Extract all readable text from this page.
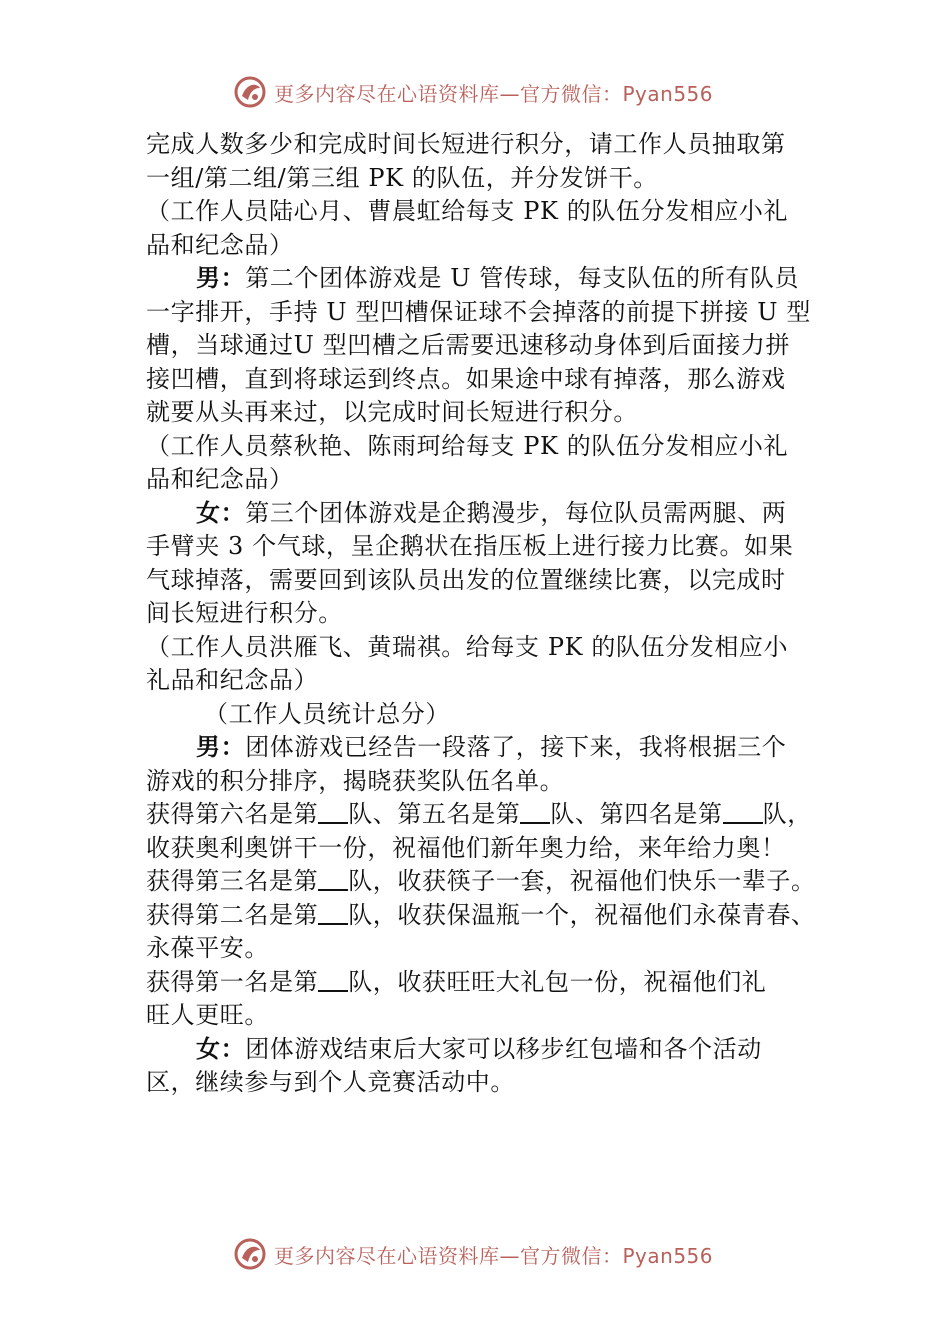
更多内容尽在心语资料库—官方微信：Pyan556
完成人数多少和完成时间长短进行积分，请工作人员抽取第
一组/第二组/第三组 PK 的队伍，并分发饼干。
（工作人员陆心月、曹晨虹给每支 PK 的队伍分发相应小礼
品和纪念品）
男：第二个团体游戏是 U 管传球，每支队伍的所有队员
一字排开，手持 U 型凹槽保证球不会掉落的前提下拼接 U 型
槽，当球通过U 型凹槽之后需要迅速移动身体到后面接力拼
接凹槽，直到将球运到终点。如果途中球有掉落，那么游戏
就要从头再来过，以完成时间长短进行积分。
（工作人员蔡秋艳、陈雨珂给每支 PK 的队伍分发相应小礼
品和纪念品）
女：第三个团体游戏是企鹅漫步，每位队员需两腿、两
手臂夹 3 个气球，呈企鹅状在指压板上进行接力比赛。如果
气球掉落，需要回到该队员出发的位置继续比赛，以完成时
间长短进行积分。
（工作人员洪雁飞、黄瑞祺。给每支 PK 的队伍分发相应小
礼品和纪念品）
（工作人员统计总分）
男：团体游戏已经告一段落了，接下来，我将根据三个
游戏的积分排序，揭晓获奖队伍名单。
获得第六名是第 队、第五名是第 队、第四名是第 队，
收获奥利奥饼干一份，祝福他们新年奥力给，来年给力奥！
获得第三名是第 队，收获筷子一套，祝福他们快乐一辈子。
获得第二名是第 队，收获保温瓶一个，祝福他们永葆青春、
永葆平安。
获得第一名是第 队，收获旺旺大礼包一份，祝福他们礼
旺人更旺。
女：团体游戏结束后大家可以移步红包墙和各个活动
区，继续参与到个人竞赛活动中。
更多内容尽在心语资料库—官方微信：Pyan556
